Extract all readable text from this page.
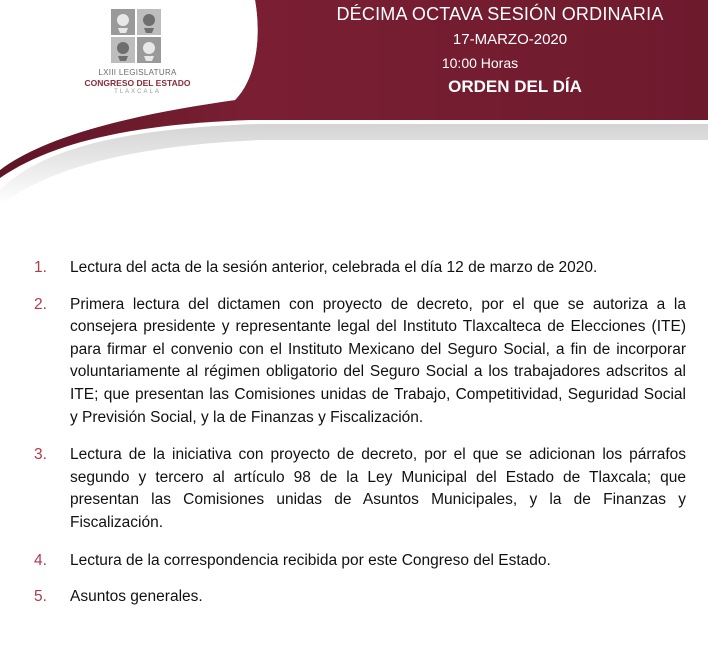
LXIII LEGISLATURA
CONGRESO DEL ESTADO
TLAXCALA
DÉCIMA OCTAVA SESIÓN ORDINARIA
17-MARZO-2020
10:00 Horas
ORDEN DEL DÍA
1. Lectura del acta de la sesión anterior, celebrada el día 12 de marzo de 2020.
2. Primera lectura del dictamen con proyecto de decreto, por el que se autoriza a la consejera presidente y representante legal del Instituto Tlaxcalteca de Elecciones (ITE) para firmar el convenio con el Instituto Mexicano del Seguro Social, a fin de incorporar voluntariamente al régimen obligatorio del Seguro Social a los trabajadores adscritos al ITE; que presentan las Comisiones unidas de Trabajo, Competitividad, Seguridad Social y Previsión Social, y la de Finanzas y Fiscalización.
3. Lectura de la iniciativa con proyecto de decreto, por el que se adicionan los párrafos segundo y tercero al artículo 98 de la Ley Municipal del Estado de Tlaxcala; que presentan las Comisiones unidas de Asuntos Municipales, y la de Finanzas y Fiscalización.
4. Lectura de la correspondencia recibida por este Congreso del Estado.
5. Asuntos generales.
